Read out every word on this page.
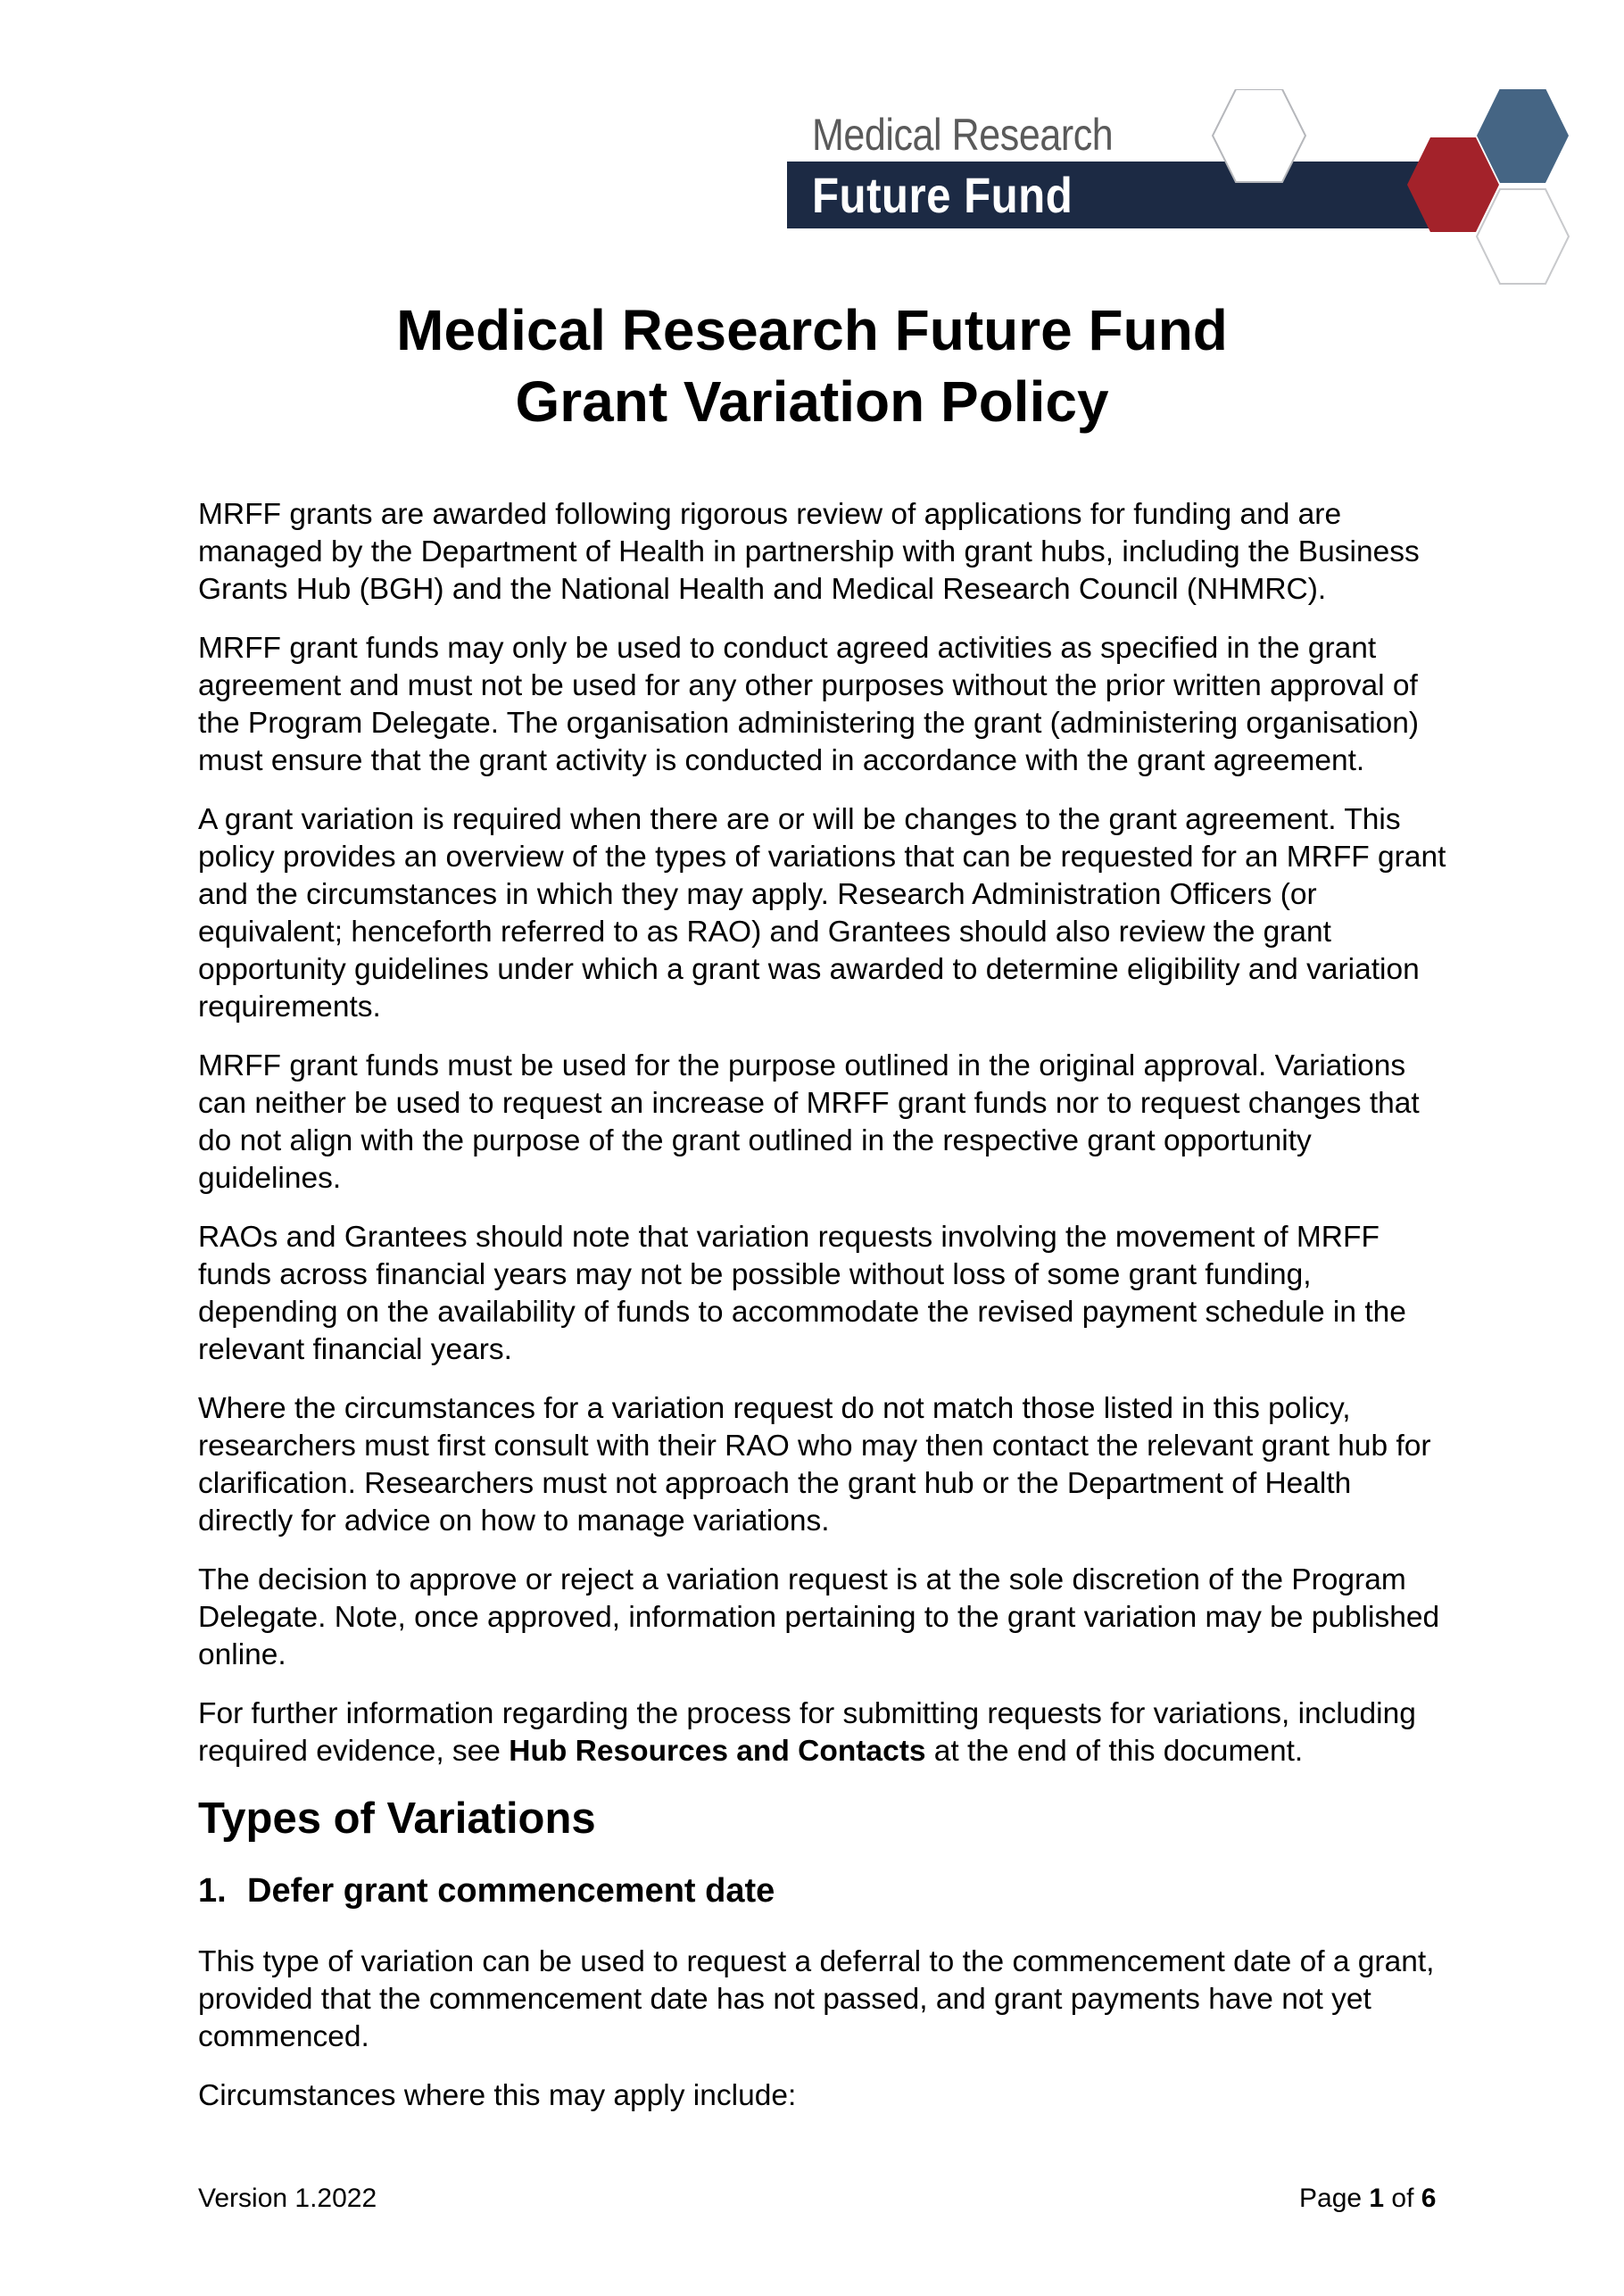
Medical Research
Future Fund
Medical Research Future Fund
Grant Variation Policy

MRFF grants are awarded following rigorous review of applications for funding and are managed by the Department of Health in partnership with grant hubs, including the Business Grants Hub (BGH) and the National Health and Medical Research Council (NHMRC).

MRFF grant funds may only be used to conduct agreed activities as specified in the grant agreement and must not be used for any other purposes without the prior written approval of the Program Delegate. The organisation administering the grant (administering organisation) must ensure that the grant activity is conducted in accordance with the grant agreement.

A grant variation is required when there are or will be changes to the grant agreement. This policy provides an overview of the types of variations that can be requested for an MRFF grant and the circumstances in which they may apply. Research Administration Officers (or equivalent; henceforth referred to as RAO) and Grantees should also review the grant opportunity guidelines under which a grant was awarded to determine eligibility and variation requirements.

MRFF grant funds must be used for the purpose outlined in the original approval. Variations can neither be used to request an increase of MRFF grant funds nor to request changes that do not align with the purpose of the grant outlined in the respective grant opportunity guidelines.

RAOs and Grantees should note that variation requests involving the movement of MRFF funds across financial years may not be possible without loss of some grant funding, depending on the availability of funds to accommodate the revised payment schedule in the relevant financial years.

Where the circumstances for a variation request do not match those listed in this policy, researchers must first consult with their RAO who may then contact the relevant grant hub for clarification. Researchers must not approach the grant hub or the Department of Health directly for advice on how to manage variations.

The decision to approve or reject a variation request is at the sole discretion of the Program Delegate. Note, once approved, information pertaining to the grant variation may be published online.

For further information regarding the process for submitting requests for variations, including required evidence, see Hub Resources and Contacts at the end of this document.

Types of Variations
1. Defer grant commencement date

This type of variation can be used to request a deferral to the commencement date of a grant, provided that the commencement date has not passed, and grant payments have not yet commenced.

Circumstances where this may apply include:

Version 1.2022	Page 1 of 6
